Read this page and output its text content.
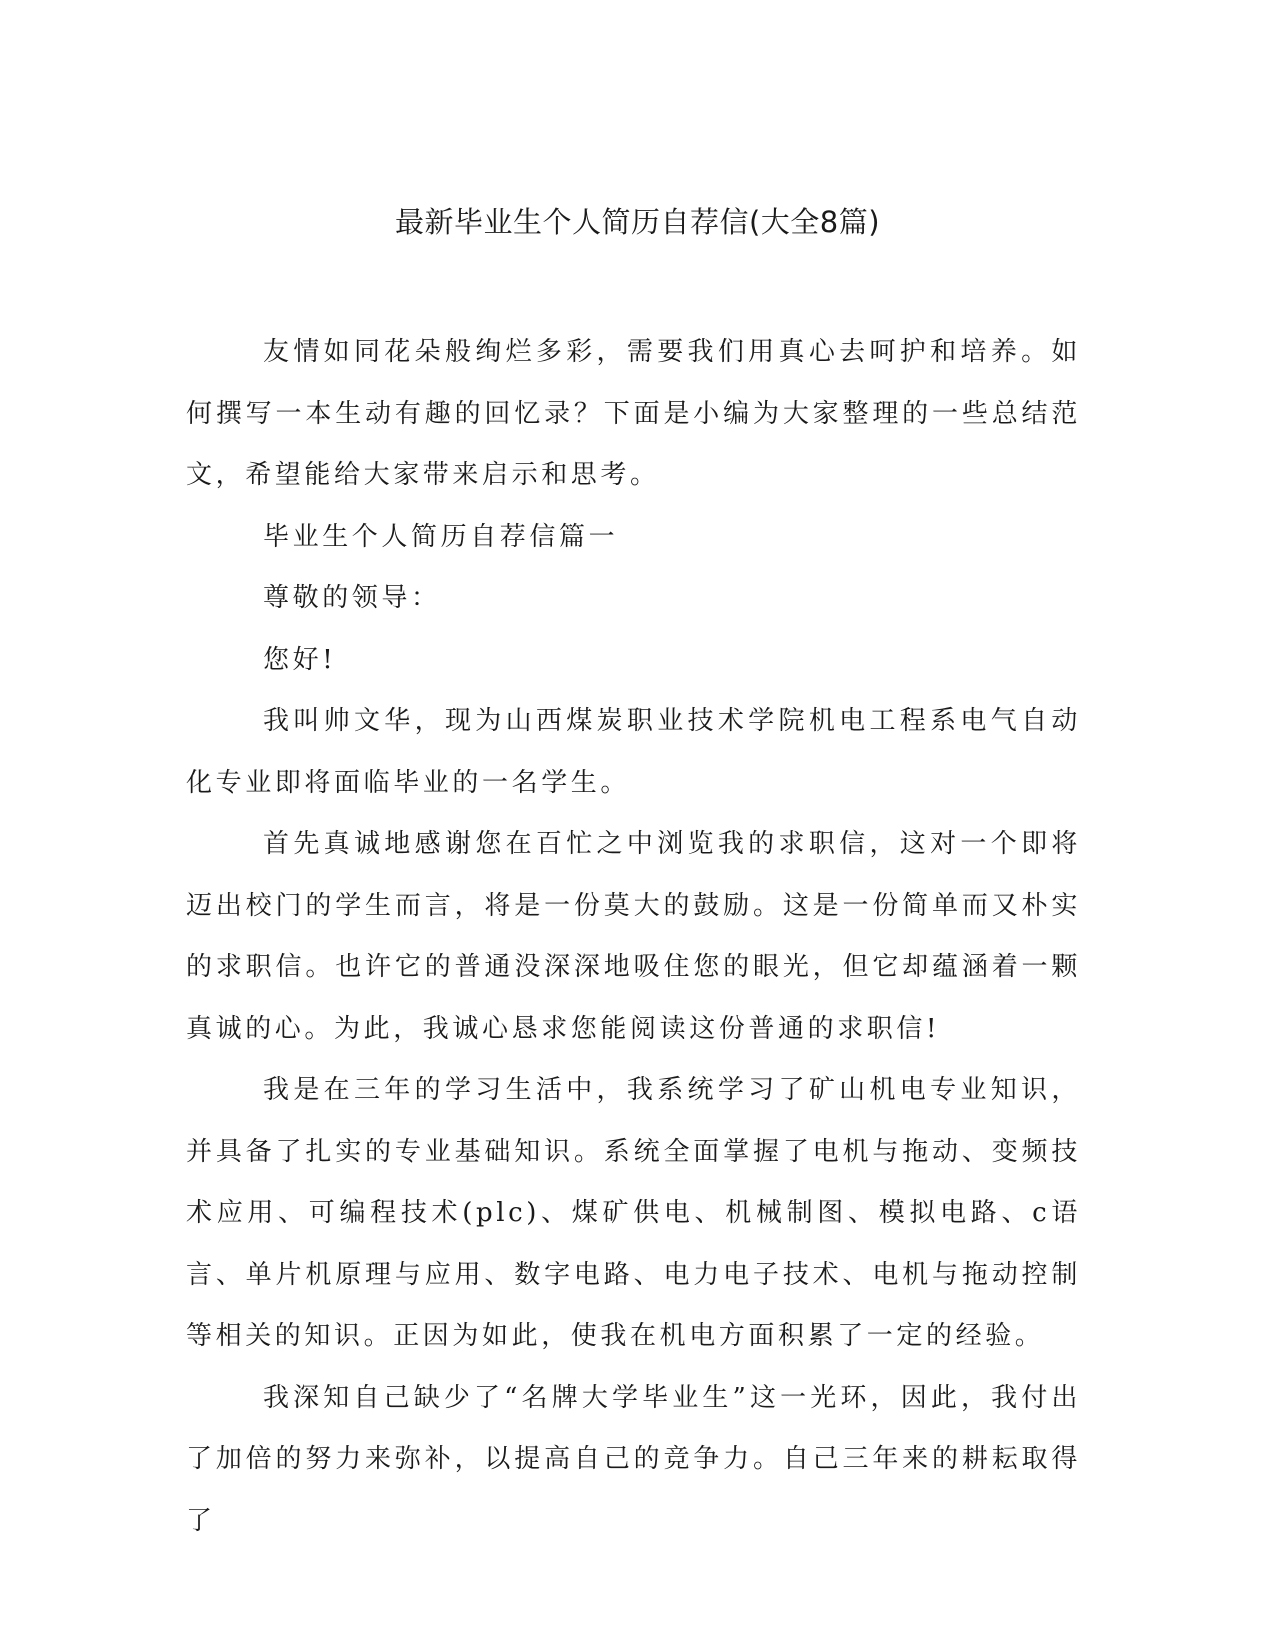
最新毕业生个人简历自荐信(大全8篇)

友情如同花朵般绚烂多彩，需要我们用真心去呵护和培养。如何撰写一本生动有趣的回忆录？下面是小编为大家整理的一些总结范文，希望能给大家带来启示和思考。

毕业生个人简历自荐信篇一

尊敬的领导：

您好!

我叫帅文华，现为山西煤炭职业技术学院机电工程系电气自动化专业即将面临毕业的一名学生。

首先真诚地感谢您在百忙之中浏览我的求职信，这对一个即将迈出校门的学生而言，将是一份莫大的鼓励。这是一份简单而又朴实的求职信。也许它的普通没深深地吸住您的眼光，但它却蕴涵着一颗真诚的心。为此，我诚心恳求您能阅读这份普通的求职信!

我是在三年的学习生活中，我系统学习了矿山机电专业知识，并具备了扎实的专业基础知识。系统全面掌握了电机与拖动、变频技术应用、可编程技术(plc)、煤矿供电、机械制图、模拟电路、c语言、单片机原理与应用、数字电路、电力电子技术、电机与拖动控制等相关的知识。正因为如此，使我在机电方面积累了一定的经验。

我深知自己缺少了“名牌大学毕业生”这一光环，因此，我付出了加倍的努力来弥补，以提高自己的竞争力。自己三年来的耕耘取得了
